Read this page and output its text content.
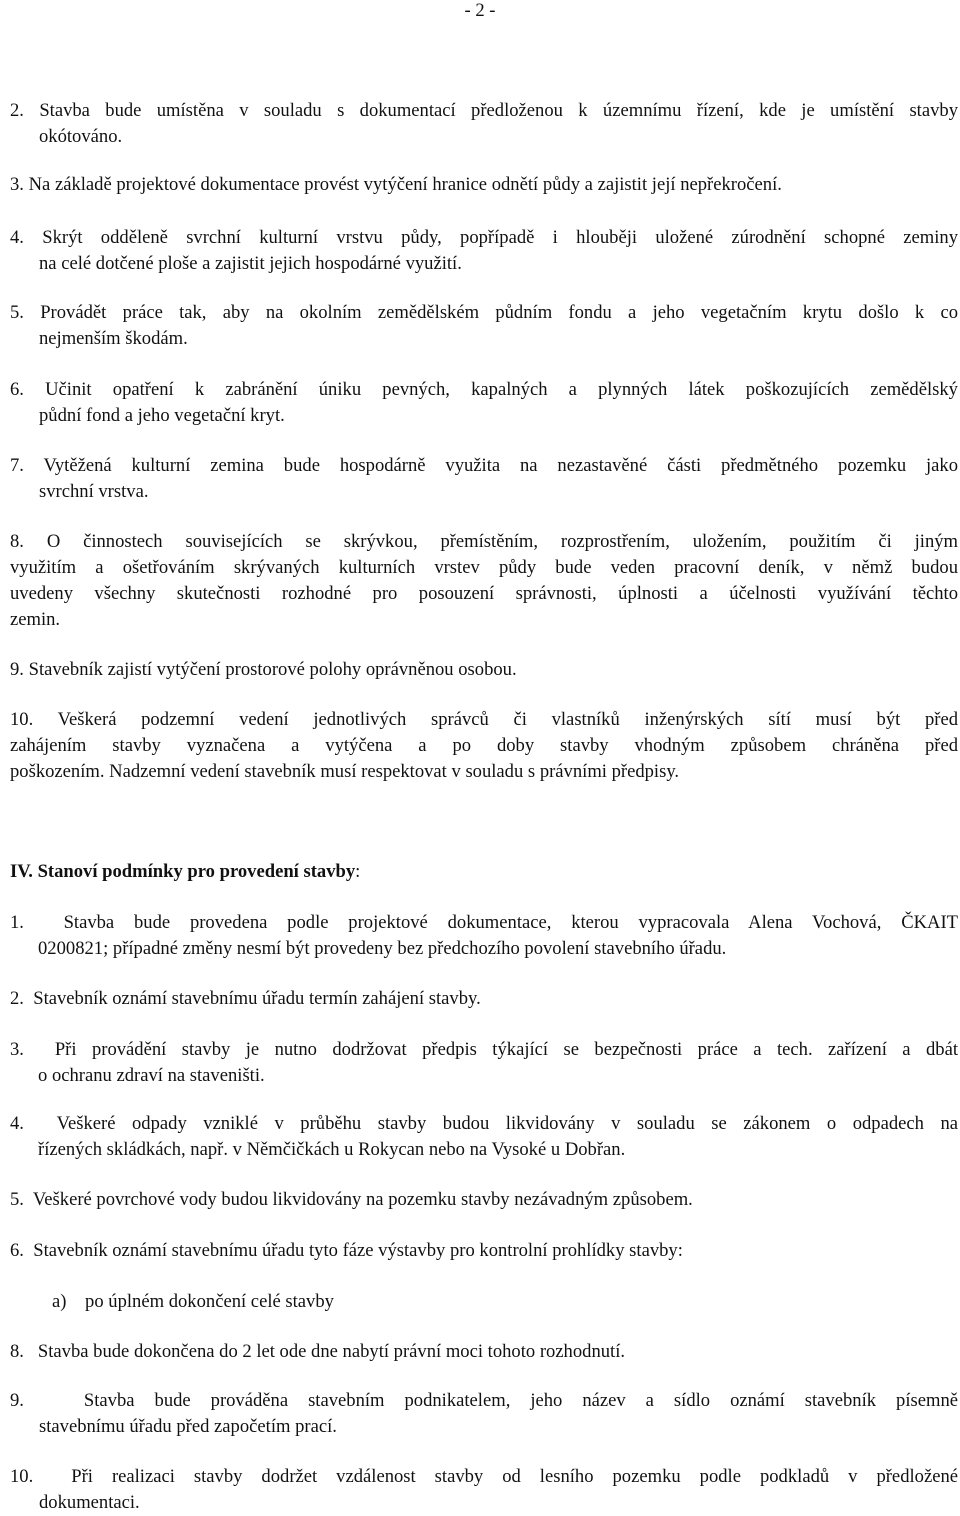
- 2 -

2. Stavba bude umístěna v souladu s dokumentací předloženou k územnímu řízení, kde je umístění stavby

okótováno.

3. Na základě projektové dokumentace provést vytýčení hranice odnětí půdy a zajistit její nepřekročení.

4. Skrýt odděleně svrchní kulturní vrstvu půdy, popřípadě i hlouběji uložené zúrodnění schopné zeminy

na celé dotčené ploše a zajistit jejich hospodárné využití.

5. Provádět práce tak, aby na okolním zemědělském půdním fondu a jeho vegetačním krytu došlo k co

nejmenším škodám.

6. Učinit opatření k zabránění úniku pevných, kapalných a plynných látek poškozujících zemědělský

půdní fond a jeho vegetační kryt.

7. Vytěžená kulturní zemina bude hospodárně využita na nezastavěné části předmětného pozemku jako

svrchní vrstva.

8. O činnostech souvisejících se skrývkou, přemístěním, rozprostřením, uložením, použitím či jiným

využitím a ošetřováním skrývaných kulturních vrstev půdy bude veden pracovní deník, v němž budou

uvedeny všechny skutečnosti rozhodné pro posouzení správnosti, úplnosti a účelnosti využívání těchto

zemin.

9. Stavebník zajistí vytýčení prostorové polohy oprávněnou osobou.

10. Veškerá podzemní vedení jednotlivých správců či vlastníků inženýrských sítí musí být před

zahájením stavby vyznačena a vytýčena a po doby stavby vhodným způsobem chráněna před

poškozením. Nadzemní vedení stavebník musí respektovat v souladu s právními předpisy.

IV. Stanoví podmínky pro provedení stavby:

1. Stavba bude provedena podle projektové dokumentace, kterou vypracovala Alena Vochová, ČKAIT

0200821; případné změny nesmí být provedeny bez předchozího povolení stavebního úřadu.

2. Stavebník oznámí stavebnímu úřadu termín zahájení stavby.

3. Při provádění stavby je nutno dodržovat předpis týkající se bezpečnosti práce a tech. zařízení a dbát

o ochranu zdraví na staveništi.

4. Veškeré odpady vzniklé v průběhu stavby budou likvidovány v souladu se zákonem o odpadech na

řízených skládkách, např. v Němčičkách u Rokycan nebo na Vysoké u Dobřan.

5. Veškeré povrchové vody budou likvidovány na pozemku stavby nezávadným způsobem.

6. Stavebník oznámí stavebnímu úřadu tyto fáze výstavby pro kontrolní prohlídky stavby:

a) po úplném dokončení celé stavby

8. Stavba bude dokončena do 2 let ode dne nabytí právní moci tohoto rozhodnutí.

9.	Stavba bude prováděna stavebním podnikatelem, jeho název a sídlo oznámí stavebník písemně

stavebnímu úřadu před započetím prací.

10. Při realizaci stavby dodržet vzdálenost stavby od lesního pozemku podle podkladů v předložené

dokumentaci.
